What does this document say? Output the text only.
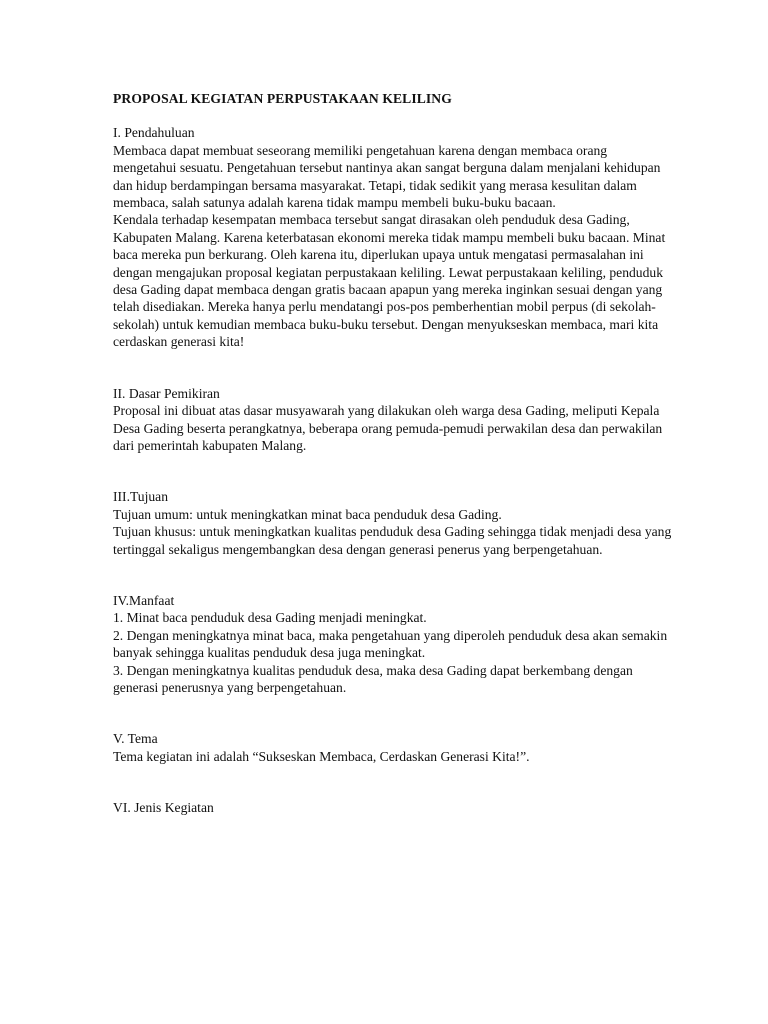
PROPOSAL KEGIATAN PERPUSTAKAAN KELILING
I. Pendahuluan

Membaca dapat membuat seseorang memiliki pengetahuan karena dengan membaca orang mengetahui sesuatu. Pengetahuan tersebut nantinya akan sangat berguna dalam menjalani kehidupan dan hidup berdampingan bersama masyarakat. Tetapi, tidak sedikit yang merasa kesulitan dalam membaca, salah satunya adalah karena tidak mampu membeli buku-buku bacaan.

Kendala terhadap kesempatan membaca tersebut sangat dirasakan oleh penduduk desa Gading, Kabupaten Malang. Karena keterbatasan ekonomi mereka tidak mampu membeli buku bacaan. Minat baca mereka pun berkurang. Oleh karena itu, diperlukan upaya untuk mengatasi permasalahan ini dengan mengajukan proposal kegiatan perpustakaan keliling. Lewat perpustakaan keliling, penduduk desa Gading dapat membaca dengan gratis bacaan apapun yang mereka inginkan sesuai dengan yang telah disediakan. Mereka hanya perlu mendatangi pos-pos pemberhentian mobil perpus (di sekolah-sekolah) untuk kemudian membaca buku-buku tersebut. Dengan menyukseskan membaca, mari kita cerdaskan generasi kita!

II. Dasar Pemikiran

Proposal ini dibuat atas dasar musyawarah yang dilakukan oleh warga desa Gading, meliputi Kepala Desa Gading beserta perangkatnya, beberapa orang pemuda-pemudi perwakilan desa dan perwakilan dari pemerintah kabupaten Malang.

III.Tujuan

Tujuan umum: untuk meningkatkan minat baca penduduk desa Gading.

Tujuan khusus: untuk meningkatkan kualitas penduduk desa Gading sehingga tidak menjadi desa yang tertinggal sekaligus mengembangkan desa dengan generasi penerus yang berpengetahuan.

IV.Manfaat

1. Minat baca penduduk desa Gading menjadi meningkat.

2. Dengan meningkatnya minat baca, maka pengetahuan yang diperoleh penduduk desa akan semakin banyak sehingga kualitas penduduk desa juga meningkat.

3. Dengan meningkatnya kualitas penduduk desa, maka desa Gading dapat berkembang dengan generasi penerusnya yang berpengetahuan.

V. Tema

Tema kegiatan ini adalah “Sukseskan Membaca, Cerdaskan Generasi Kita!”.

VI. Jenis Kegiatan
